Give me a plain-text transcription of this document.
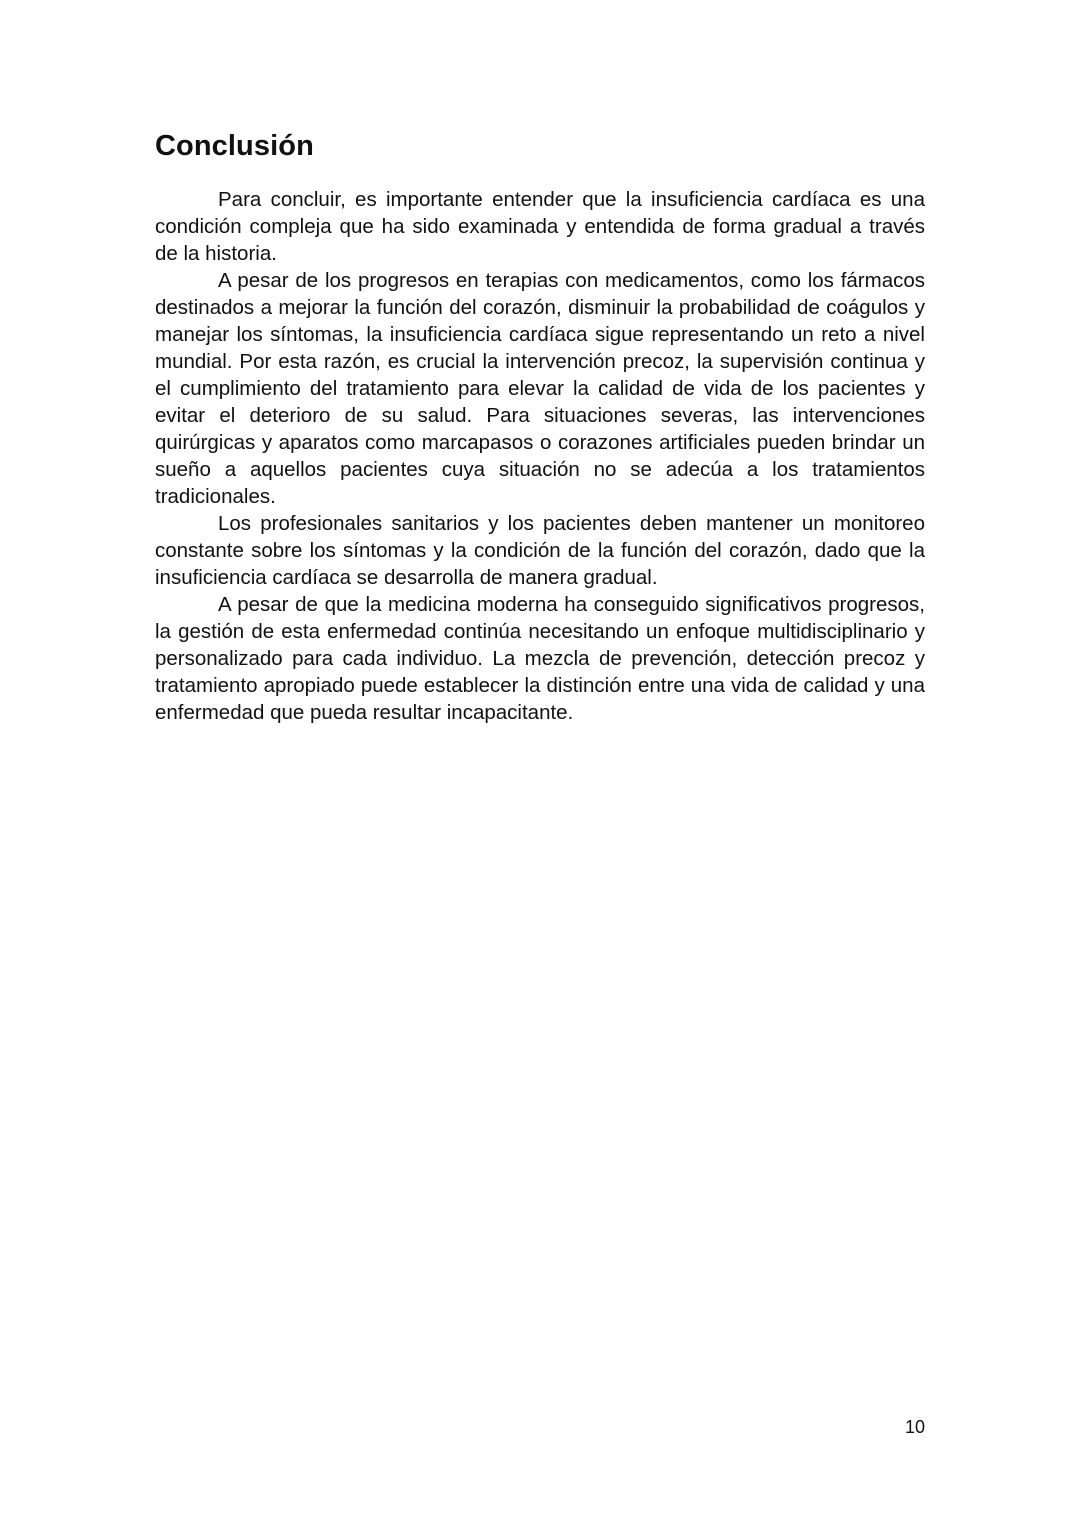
Conclusión

Para concluir, es importante entender que la insuficiencia cardíaca es una condición compleja que ha sido examinada y entendida de forma gradual a través de la historia.

A pesar de los progresos en terapias con medicamentos, como los fármacos destinados a mejorar la función del corazón, disminuir la probabilidad de coágulos y manejar los síntomas, la insuficiencia cardíaca sigue representando un reto a nivel mundial. Por esta razón, es crucial la intervención precoz, la supervisión continua y el cumplimiento del tratamiento para elevar la calidad de vida de los pacientes y evitar el deterioro de su salud. Para situaciones severas, las intervenciones quirúrgicas y aparatos como marcapasos o corazones artificiales pueden brindar un sueño a aquellos pacientes cuya situación no se adecúa a los tratamientos tradicionales.

Los profesionales sanitarios y los pacientes deben mantener un monitoreo constante sobre los síntomas y la condición de la función del corazón, dado que la insuficiencia cardíaca se desarrolla de manera gradual.

A pesar de que la medicina moderna ha conseguido significativos progresos, la gestión de esta enfermedad continúa necesitando un enfoque multidisciplinario y personalizado para cada individuo. La mezcla de prevención, detección precoz y tratamiento apropiado puede establecer la distinción entre una vida de calidad y una enfermedad que pueda resultar incapacitante.

10
